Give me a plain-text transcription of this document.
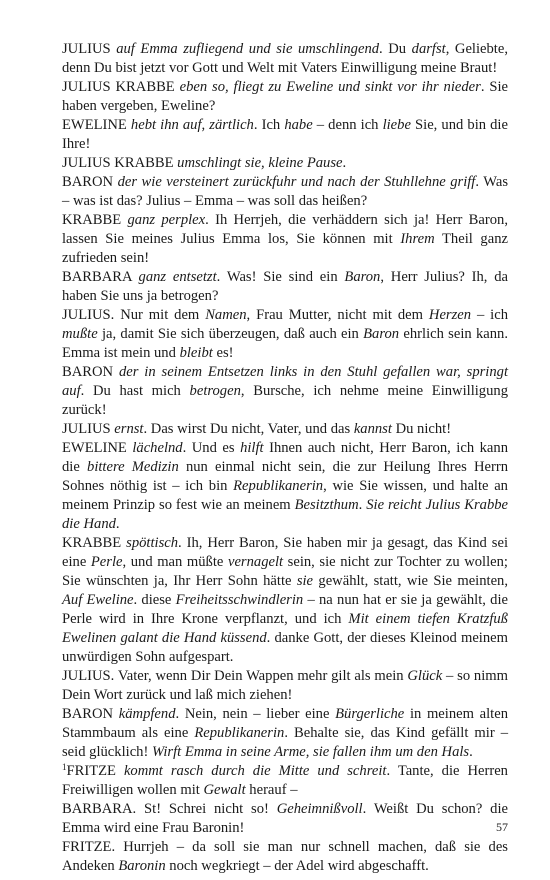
JULIUS auf Emma zufliegend und sie umschlingend. Du darfst, Geliebte, denn Du bist jetzt vor Gott und Welt mit Vaters Einwilligung meine Braut!

JULIUS KRABBE eben so, fliegt zu Eweline und sinkt vor ihr nieder. Sie haben vergeben, Eweline?

EWELINE hebt ihn auf, zärtlich. Ich habe – denn ich liebe Sie, und bin die Ihre!

JULIUS KRABBE umschlingt sie, kleine Pause.

BARON der wie versteinert zurückfuhr und nach der Stuhllehne griff. Was – was ist das? Julius – Emma – was soll das heißen?

KRABBE ganz perplex. Ih Herrjeh, die verhäddern sich ja! Herr Baron, lassen Sie meines Julius Emma los, Sie können mit Ihrem Theil ganz zufrieden sein!

BARBARA ganz entsetzt. Was! Sie sind ein Baron, Herr Julius? Ih, da haben Sie uns ja betrogen?

JULIUS. Nur mit dem Namen, Frau Mutter, nicht mit dem Herzen – ich mußte ja, damit Sie sich überzeugen, daß auch ein Baron ehrlich sein kann. Emma ist mein und bleibt es!

BARON der in seinem Entsetzen links in den Stuhl gefallen war, springt auf. Du hast mich betrogen, Bursche, ich nehme meine Einwilligung zurück!

JULIUS ernst. Das wirst Du nicht, Vater, und das kannst Du nicht!

EWELINE lächelnd. Und es hilft Ihnen auch nicht, Herr Baron, ich kann die bittere Medizin nun einmal nicht sein, die zur Heilung Ihres Herrn Sohnes nöthig ist – ich bin Republikanerin, wie Sie wissen, und halte an meinem Prinzip so fest wie an meinem Besitzthum. Sie reicht Julius Krabbe die Hand.

KRABBE spöttisch. Ih, Herr Baron, Sie haben mir ja gesagt, das Kind sei eine Perle, und man müßte vernagelt sein, sie nicht zur Tochter zu wollen; Sie wünschten ja, Ihr Herr Sohn hätte sie gewählt, statt, wie Sie meinten, Auf Eweline. diese Freiheitsschwindlerin – na nun hat er sie ja gewählt, die Perle wird in Ihre Krone verpflanzt, und ich Mit einem tiefen Kratzfuß Ewelinen galant die Hand küssend. danke Gott, der dieses Kleinod meinem unwürdigen Sohn aufgespart.

JULIUS. Vater, wenn Dir Dein Wappen mehr gilt als mein Glück – so nimm Dein Wort zurück und laß mich ziehen!

BARON kämpfend. Nein, nein – lieber eine Bürgerliche in meinem alten Stammbaum als eine Republikanerin. Behalte sie, das Kind gefällt mir – seid glücklich! Wirft Emma in seine Arme, sie fallen ihm um den Hals.

$^1$FRITZE kommt rasch durch die Mitte und schreit. Tante, die Herren Freiwilligen wollen mit Gewalt herauf –

BARBARA. St! Schrei nicht so! Geheimnißvoll. Weißt Du schon? die Emma wird eine Frau Baronin!

FRITZE. Hurrjeh – da soll sie man nur schnell machen, daß sie des Andeken Baronin noch wegkriegt – der Adel wird abgeschafft.

57
